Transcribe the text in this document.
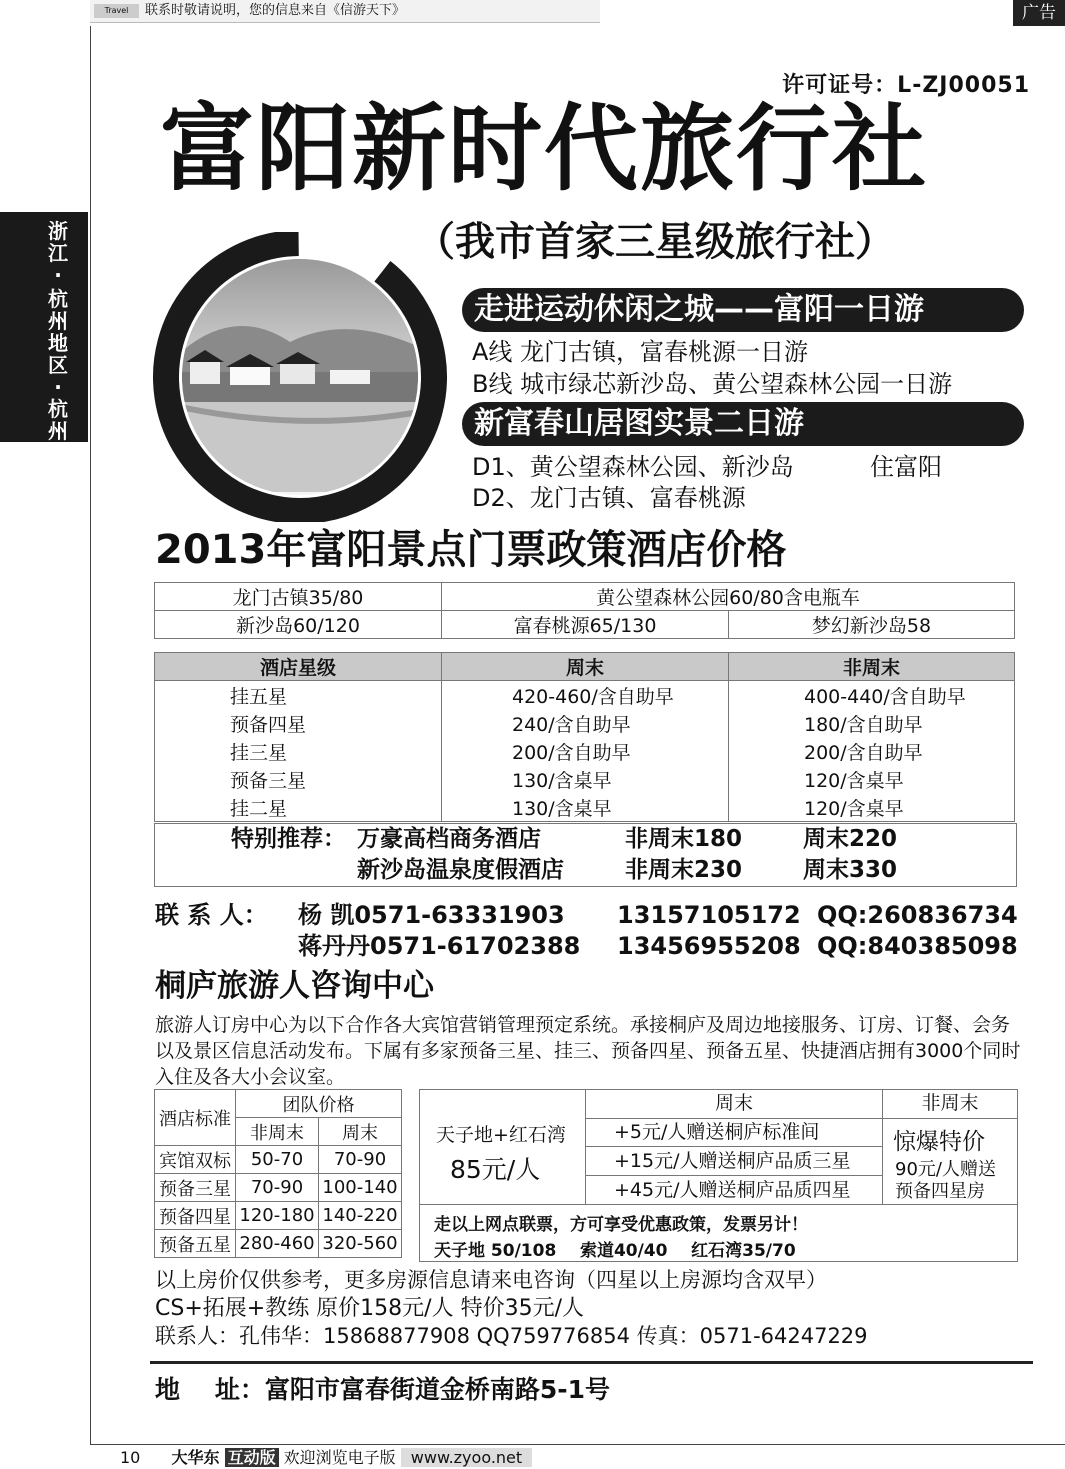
Travel 联系时敬请说明，您的信息来自《信游天下》	广告
浙江·
杭州地区·杭州
许可证号：L-ZJ00051
富阳新时代旅行社
（我市首家三星级旅行社）
走进运动休闲之城——富阳一日游
A线 龙门古镇，富春桃源一日游
B线 城市绿芯新沙岛、黄公望森林公园一日游
新富春山居图实景二日游
D1、黄公望森林公园、新沙岛	住富阳
D2、龙门古镇、富春桃源
2013年富阳景点门票政策酒店价格
龙门古镇35/80	黄公望森林公园60/80含电瓶车	
新沙岛60/120	富春桃源65/130	梦幻新沙岛58
酒店星级	周末	非周末
挂五星	420-460/含自助早	400-440/含自助早
预备四星	240/含自助早	180/含自助早
挂三星	200/含自助早	200/含自助早
预备三星	130/含桌早	120/含桌早
挂二星	130/含桌早	120/含桌早
特别推荐： 万豪高档商务酒店	非周末180	周末220
新沙岛温泉度假酒店	非周末230	周末330
联 系 人： 杨 凯0571-63331903 13157105172 QQ:260836734
蒋丹丹0571-61702388 13456955208 QQ:840385098
桐庐旅游人咨询中心
旅游人订房中心为以下合作各大宾馆营销管理预定系统。承接桐庐及周边地接服务、订房、订餐、会务以及景区信息活动发布。下属有多家预备三星、挂三、预备四星、预备五星、快捷酒店拥有3000个同时入住及各大小会议室。
酒店标准	团队价格	
	非周末	周末
宾馆双标	50-70	70-90
预备三星	70-90	100-140
预备四星	120-180	140-220
预备五星	280-460	320-560
天子地+红石湾
85元/人
周末	非周末
+5元/人赠送桐庐标准间
+15元/人赠送桐庐品质三星
+45元/人赠送桐庐品质四星
惊爆特价
90元/人赠送
预备四星房
走以上网点联票，方可享受优惠政策，发票另计！
天子地 50/108    索道40/40    红石湾35/70
以上房价仅供参考，更多房源信息请来电咨询（四星以上房源均含双早）
CS+拓展+教练 原价158元/人 特价35元/人
联系人：孔伟华：15868877908 QQ759776854 传真：0571-64247229
地    址：富阳市富春街道金桥南路5-1号
10 大华东 互动版 欢迎浏览电子版 www.zyoo.net
